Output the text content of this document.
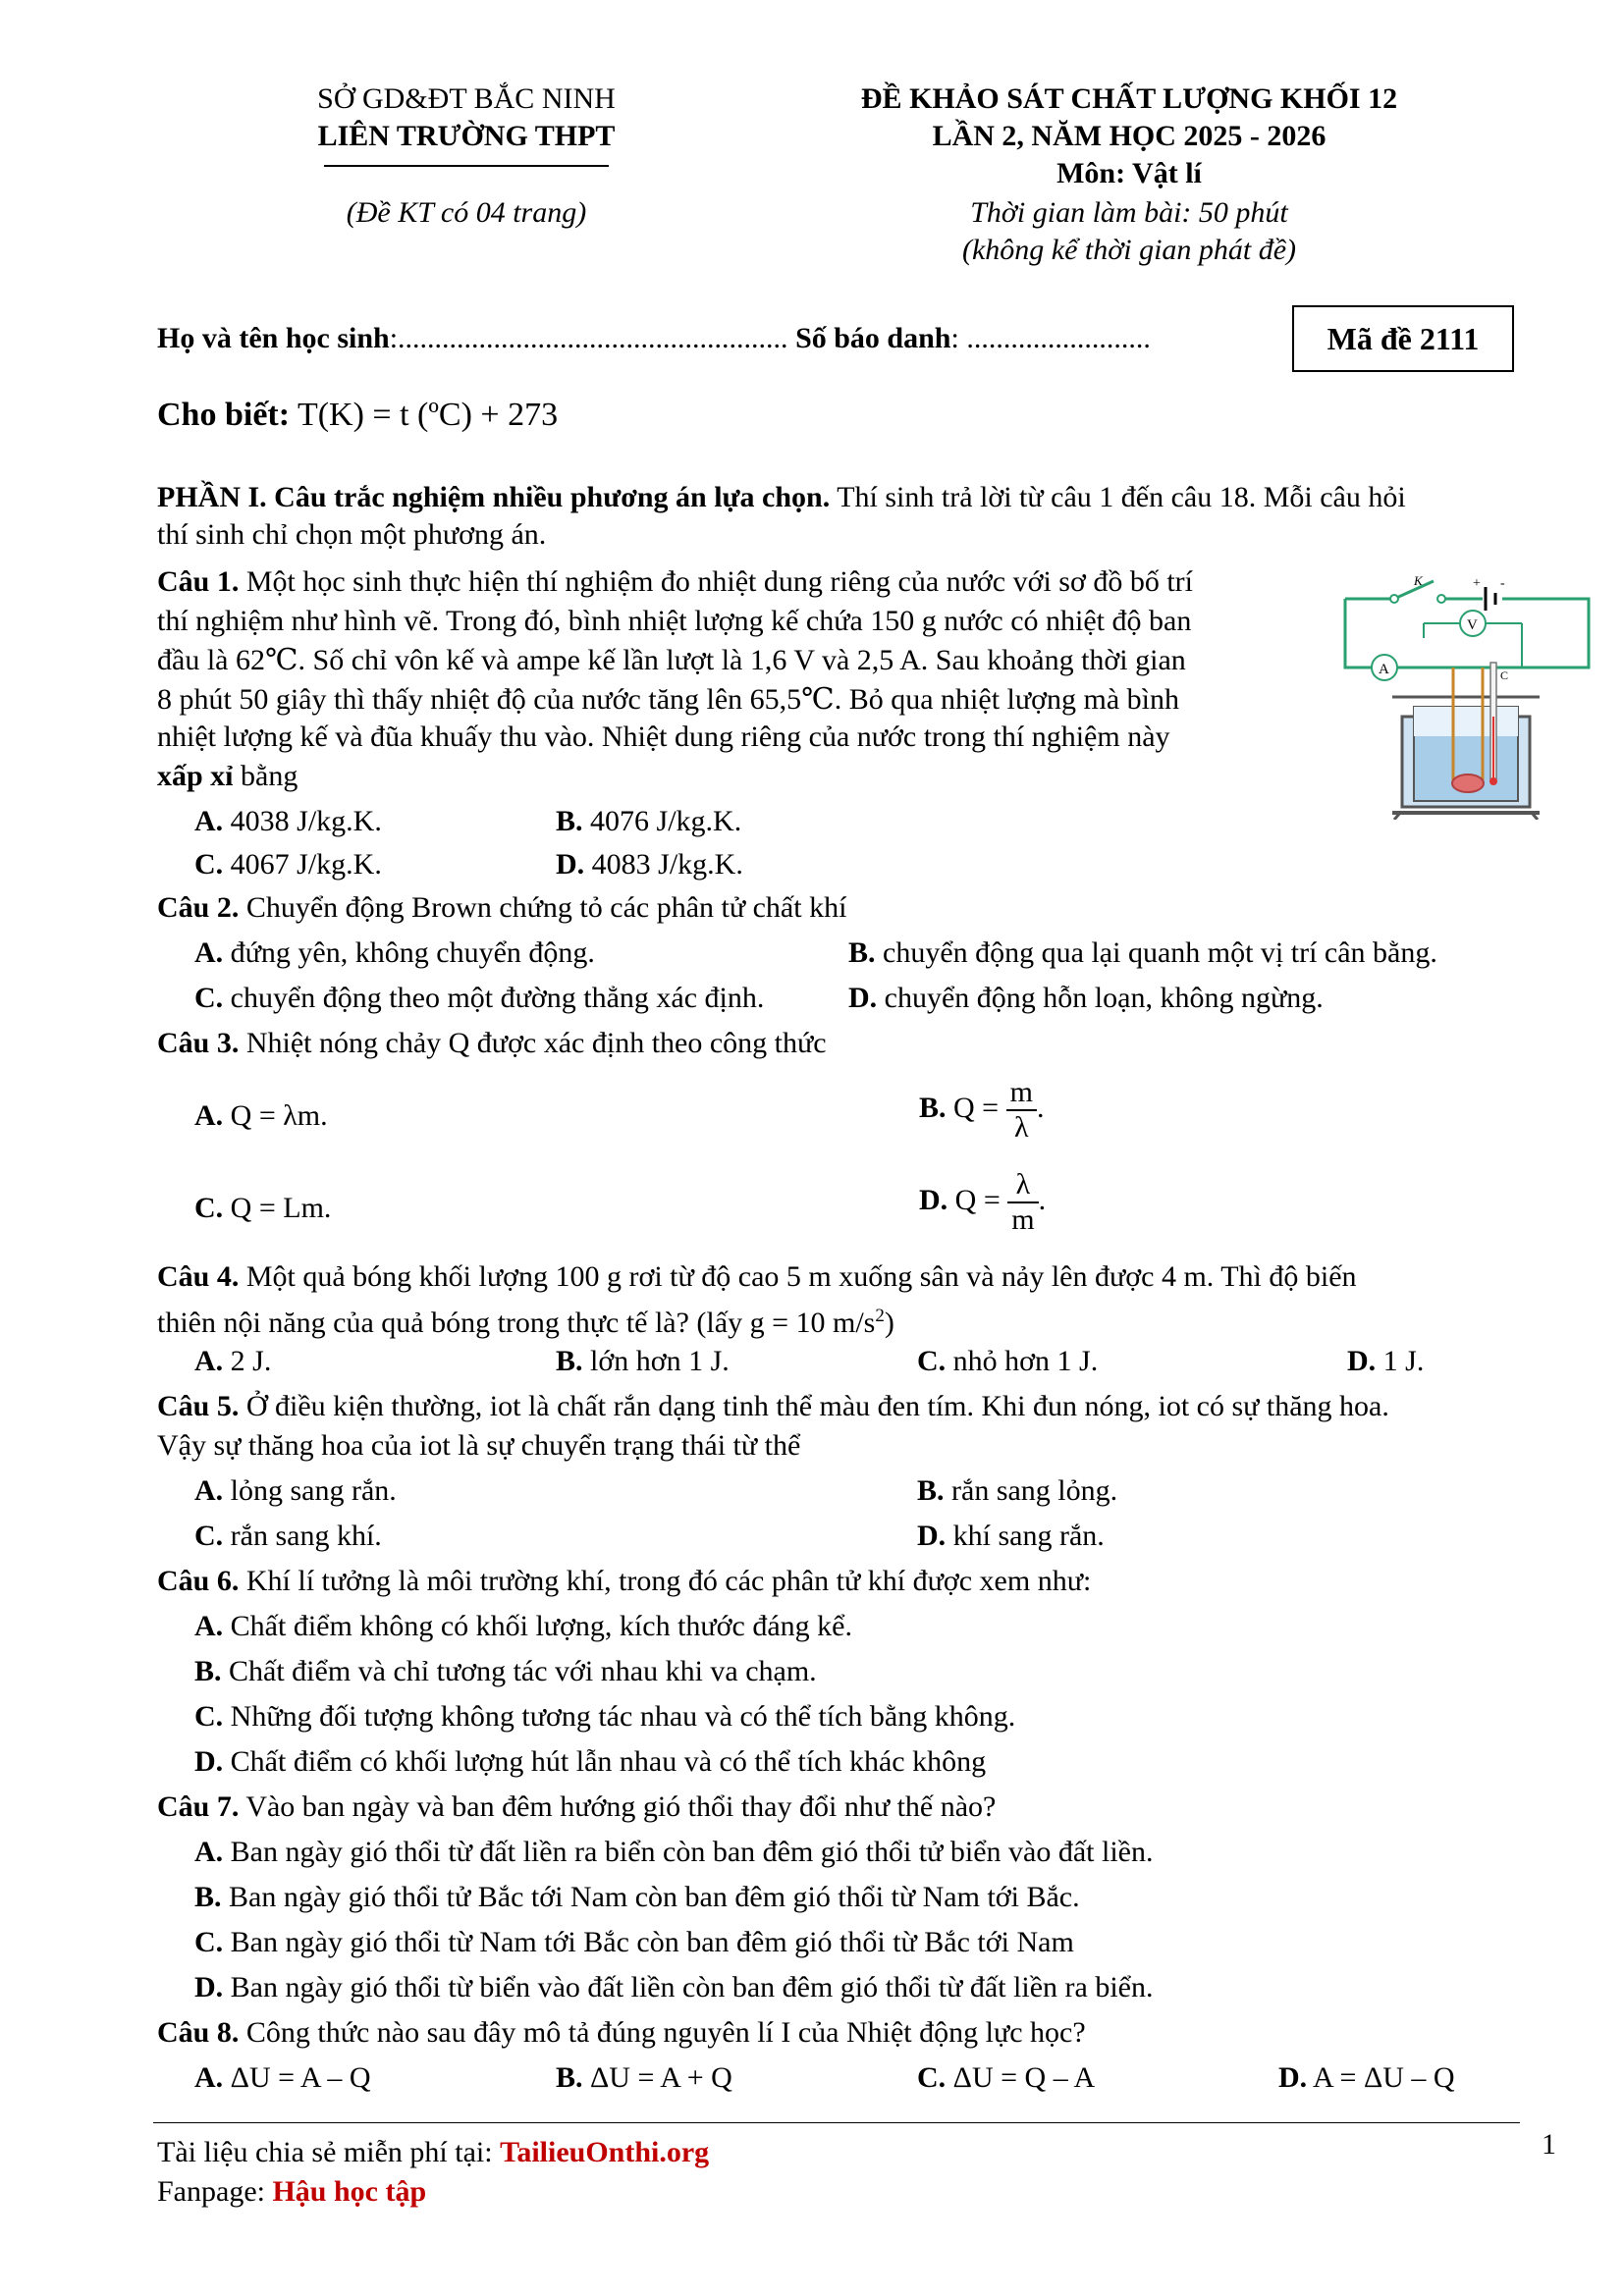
SỞ GD&ĐT BẮC NINH
LIÊN TRƯỜNG THPT
(Đề KT có 04 trang)
ĐỀ KHẢO SÁT CHẤT LƯỢNG KHỐI 12
LẦN 2, NĂM HỌC 2025 - 2026
Môn: Vật lí
Thời gian làm bài: 50 phút
(không kể thời gian phát đề)
Họ và tên học sinh:..................................................... Số báo danh: .........................	Mã đề 2111
Cho biết: T(K) = t (ºC) + 273
PHẦN I. Câu trắc nghiệm nhiều phương án lựa chọn. Thí sinh trả lời từ câu 1 đến câu 18. Mỗi câu hỏi
thí sinh chỉ chọn một phương án.
Câu 1. Một học sinh thực hiện thí nghiệm đo nhiệt dung riêng của nước với sơ đồ bố trí
thí nghiệm như hình vẽ. Trong đó, bình nhiệt lượng kế chứa 150 g nước có nhiệt độ ban
đầu là 62℃. Số chỉ vôn kế và ampe kế lần lượt là 1,6 V và 2,5 A. Sau khoảng thời gian
8 phút 50 giây thì thấy nhiệt độ của nước tăng lên 65,5℃. Bỏ qua nhiệt lượng mà bình
nhiệt lượng kế và đũa khuấy thu vào. Nhiệt dung riêng của nước trong thí nghiệm này
xấp xỉ bằng
K	+ -
V
A	C
A. 4038 J/kg.K.	B. 4076 J/kg.K.
C. 4067 J/kg.K.	D. 4083 J/kg.K.
Câu 2. Chuyển động Brown chứng tỏ các phân tử chất khí
A. đứng yên, không chuyển động.	B. chuyển động qua lại quanh một vị trí cân bằng.
C. chuyển động theo một đường thẳng xác định.	D. chuyển động hỗn loạn, không ngừng.
Câu 3. Nhiệt nóng chảy Q được xác định theo công thức
A. Q = λm.	B. $Q = \frac{m}{\lambda}$ .
C. Q = Lm.	D. $Q = \frac{\lambda}{m}$ .
Câu 4. Một quả bóng khối lượng 100 g rơi từ độ cao 5 m xuống sân và nảy lên được 4 m. Thì độ biến
thiên nội năng của quả bóng trong thực tế là? (lấy g = 10 $m/s^2$)
A. 2 J.	B. lớn hơn 1 J.	C. nhỏ hơn 1 J.	D. 1 J.
Câu 5. Ở điều kiện thường, iot là chất rắn dạng tinh thể màu đen tím. Khi đun nóng, iot có sự thăng hoa.
Vậy sự thăng hoa của iot là sự chuyển trạng thái từ thể
A. lỏng sang rắn.	B. rắn sang lỏng.
C. rắn sang khí.	D. khí sang rắn.
Câu 6. Khí lí tưởng là môi trường khí, trong đó các phân tử khí được xem như:
A. Chất điểm không có khối lượng, kích thước đáng kể.
B. Chất điểm và chỉ tương tác với nhau khi va chạm.
C. Những đối tượng không tương tác nhau và có thể tích bằng không.
D. Chất điểm có khối lượng hút lẫn nhau và có thể tích khác không
Câu 7. Vào ban ngày và ban đêm hướng gió thổi thay đổi như thế nào?
A. Ban ngày gió thổi từ đất liền ra biển còn ban đêm gió thổi tử biển vào đất liền.
B. Ban ngày gió thổi tử Bắc tới Nam còn ban đêm gió thổi từ Nam tới Bắc.
C. Ban ngày gió thổi từ Nam tới Bắc còn ban đêm gió thổi từ Bắc tới Nam
D. Ban ngày gió thổi từ biển vào đất liền còn ban đêm gió thổi từ đất liền ra biển.
Câu 8. Công thức nào sau đây mô tả đúng nguyên lí I của Nhiệt động lực học?
A. ΔU = A – Q	B. ΔU = A + Q	C. ΔU = Q – A	D. A = ΔU – Q
Tài liệu chia sẻ miễn phí tại: TailieuOnthi.org
Fanpage: Hậu học tập
1
